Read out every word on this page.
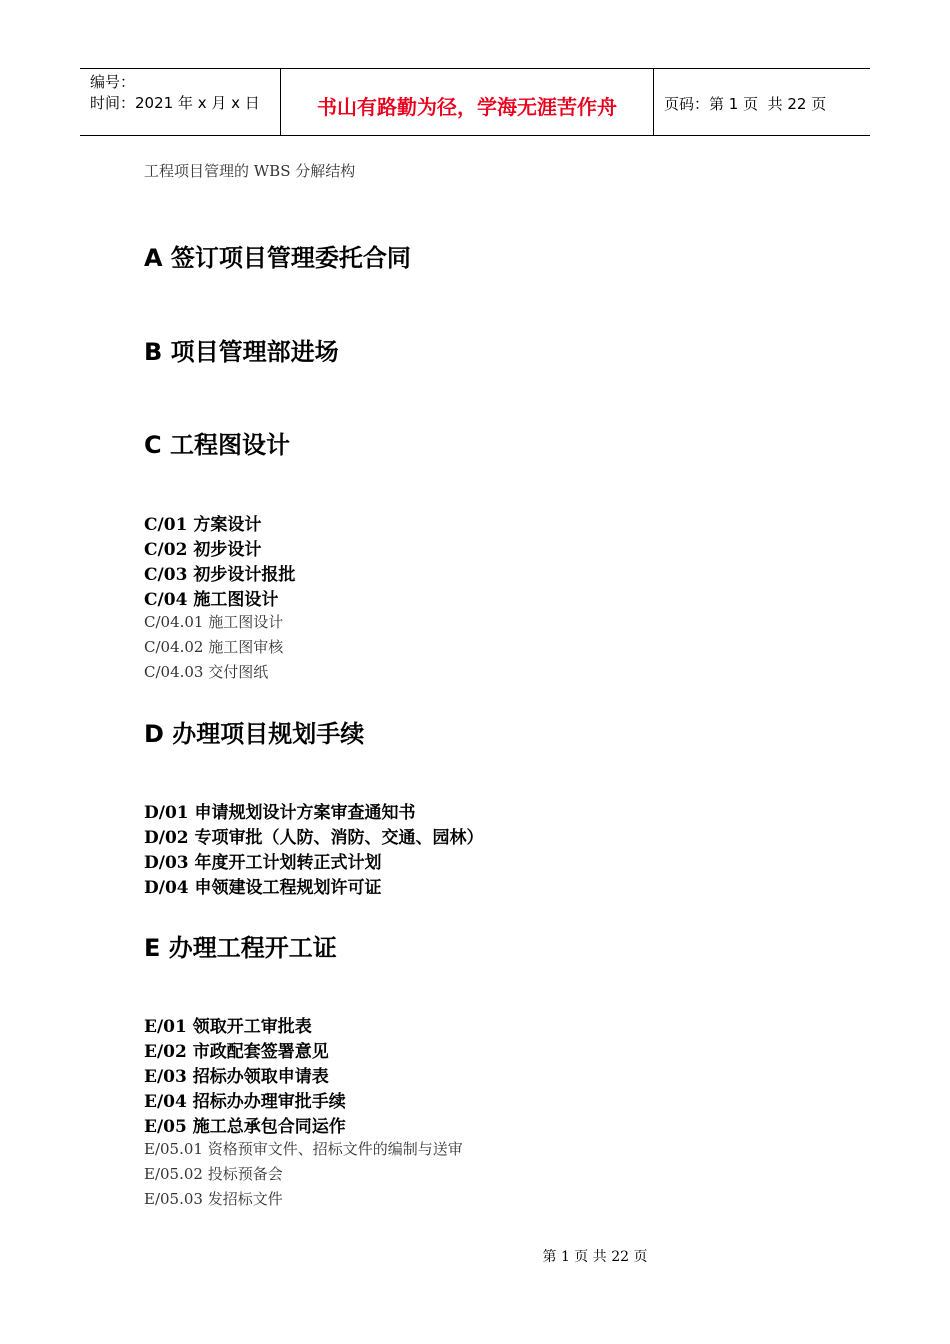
编号：
时间：2021 年 x 月 x 日	书山有路勤为径，学海无涯苦作舟	页码：第 1 页  共 22 页
工程项目管理的 WBS 分解结构
A 签订项目管理委托合同
B 项目管理部进场
C 工程图设计
C/01 方案设计
C/02 初步设计
C/03 初步设计报批
C/04 施工图设计
C/04.01 施工图设计
C/04.02 施工图审核
C/04.03 交付图纸
D 办理项目规划手续
D/01 申请规划设计方案审查通知书
D/02 专项审批（人防、消防、交通、园林）
D/03 年度开工计划转正式计划
D/04 申领建设工程规划许可证
E 办理工程开工证
E/01 领取开工审批表
E/02 市政配套签署意见
E/03 招标办领取申请表
E/04 招标办办理审批手续
E/05 施工总承包合同运作
E/05.01 资格预审文件、招标文件的编制与送审
E/05.02 投标预备会
E/05.03 发招标文件
第 1 页 共 22 页
